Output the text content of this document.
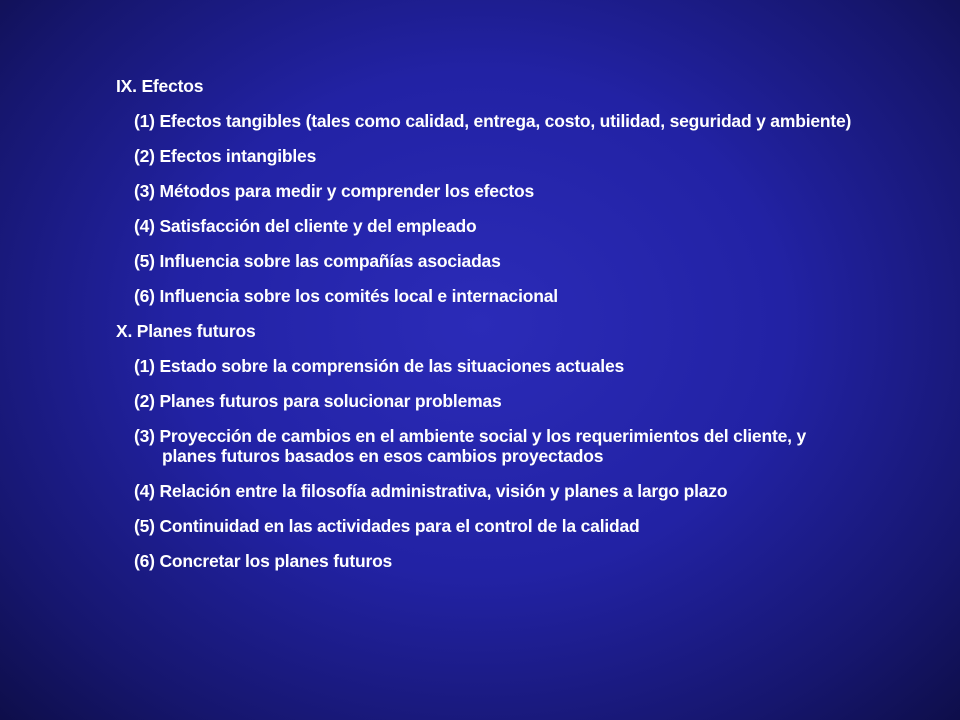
IX. Efectos
(1) Efectos tangibles (tales como calidad, entrega, costo, utilidad, seguridad y ambiente)
(2) Efectos intangibles
(3) Métodos para medir y comprender los efectos
(4) Satisfacción del cliente y del empleado
(5) Influencia sobre las compañías asociadas
(6) Influencia sobre los comités local e internacional
X. Planes futuros
(1) Estado sobre la comprensión de las situaciones actuales
(2) Planes futuros para solucionar problemas
(3) Proyección de cambios en el ambiente social y los requerimientos del cliente, y
planes futuros basados en esos cambios proyectados
(4) Relación entre la filosofía administrativa, visión y planes a largo plazo
(5) Continuidad en las actividades para el control de la calidad
(6) Concretar los planes futuros
